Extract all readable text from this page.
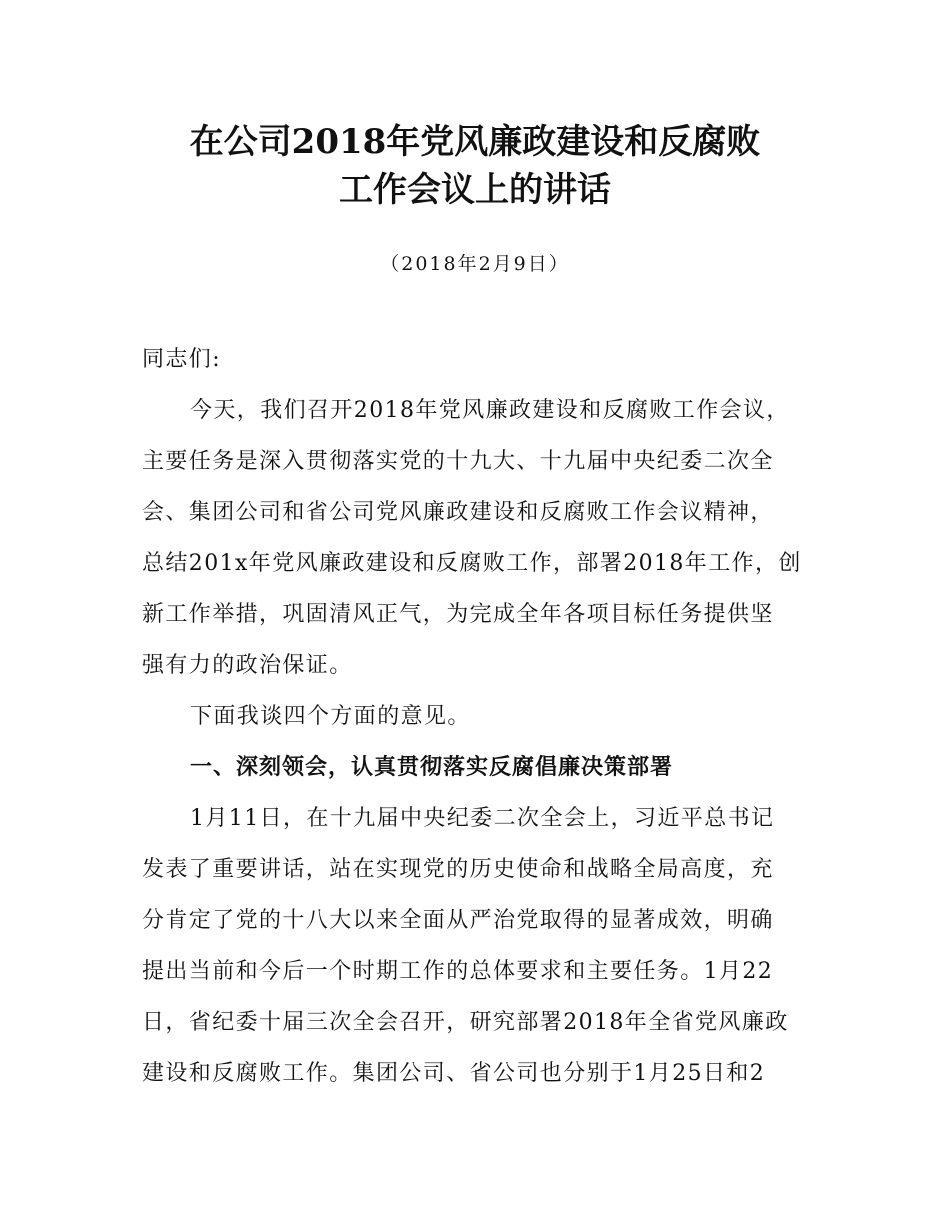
在公司2018年党风廉政建设和反腐败
工作会议上的讲话
（2018年2月9日）
同志们:
今天，我们召开2018年党风廉政建设和反腐败工作会议，
主要任务是深入贯彻落实党的十九大、十九届中央纪委二次全
会、集团公司和省公司党风廉政建设和反腐败工作会议精神，
总结201x年党风廉政建设和反腐败工作，部署2018年工作，创
新工作举措，巩固清风正气，为完成全年各项目标任务提供坚
强有力的政治保证。
下面我谈四个方面的意见。
一、深刻领会，认真贯彻落实反腐倡廉决策部署
1月11日，在十九届中央纪委二次全会上，习近平总书记
发表了重要讲话，站在实现党的历史使命和战略全局高度，充
分肯定了党的十八大以来全面从严治党取得的显著成效，明确
提出当前和今后一个时期工作的总体要求和主要任务。1月22
日，省纪委十届三次全会召开，研究部署2018年全省党风廉政
建设和反腐败工作。集团公司、省公司也分别于1月25日和2
